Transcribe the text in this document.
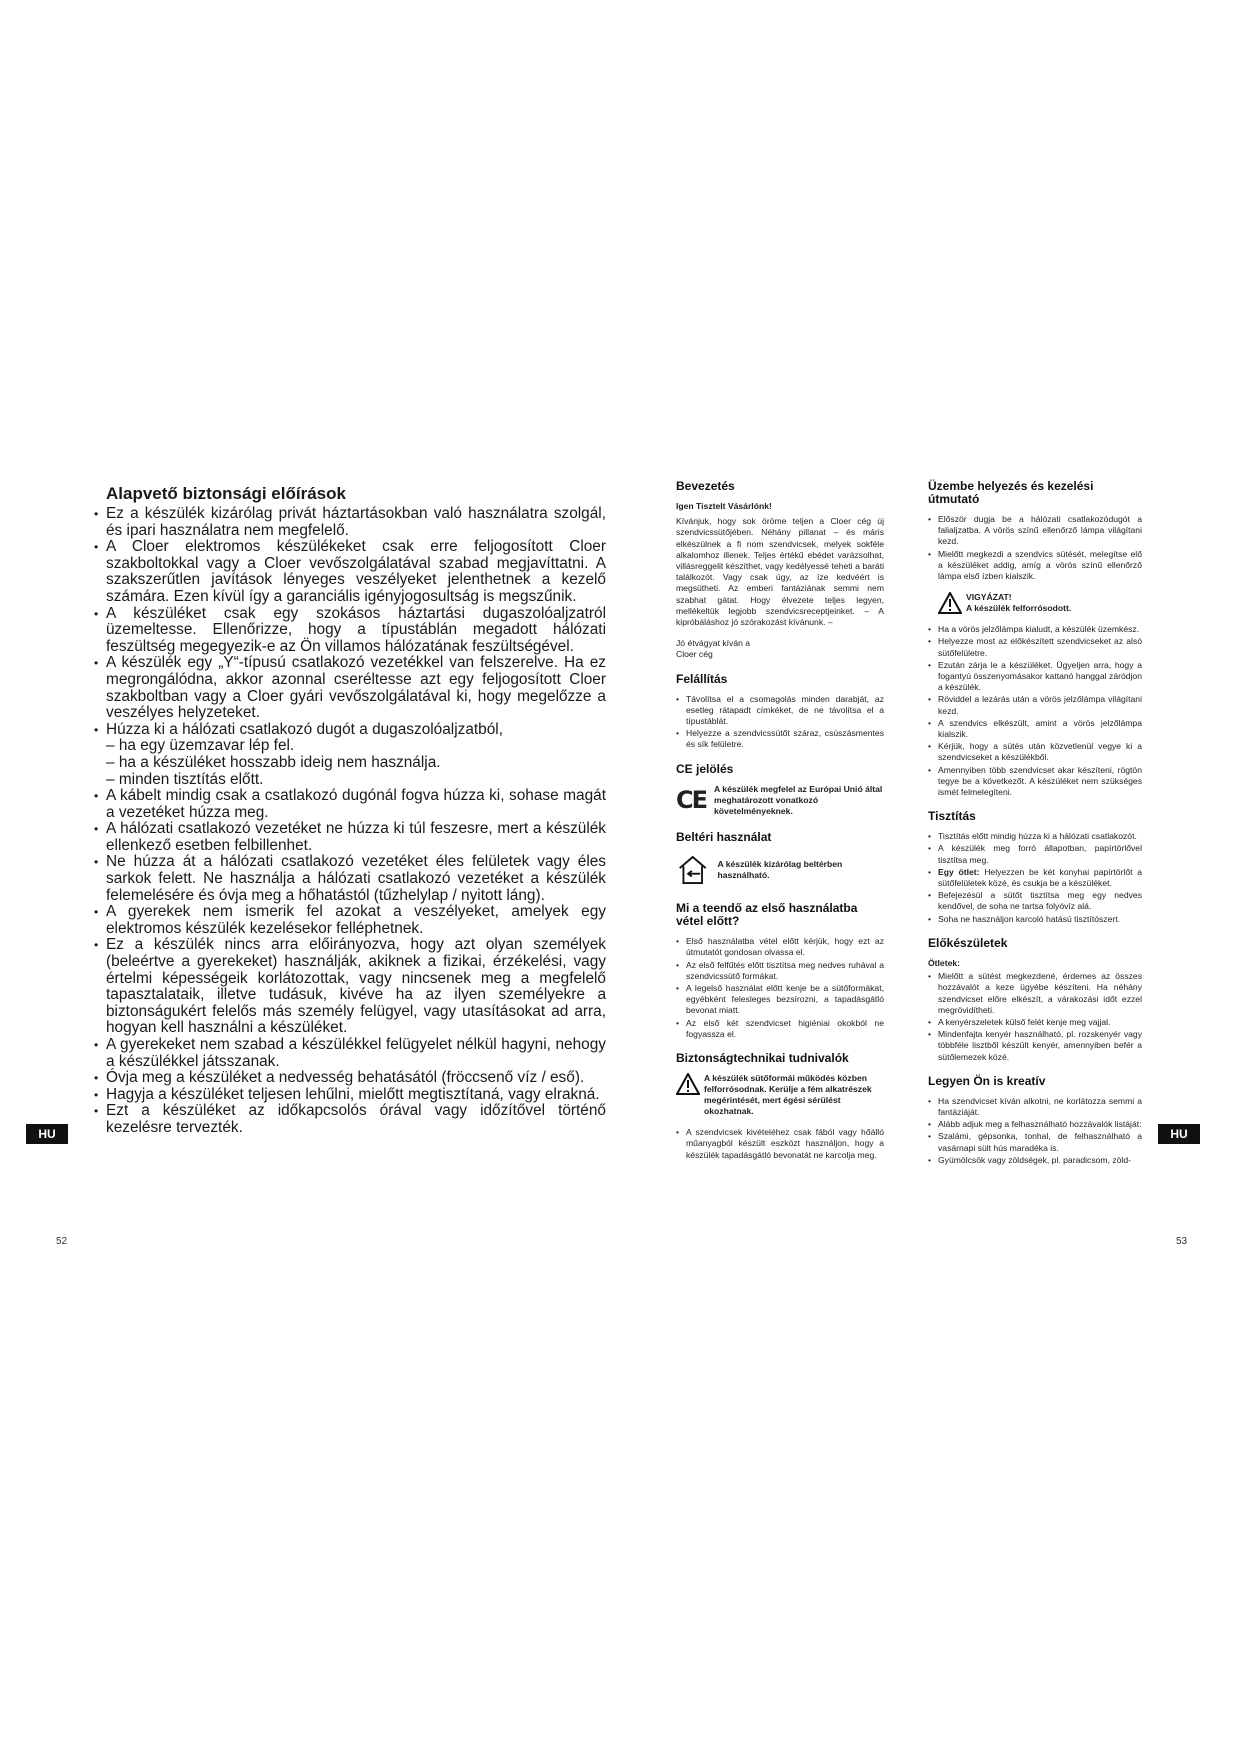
Alapvető biztonsági előírások
• Ez a készülék kizárólag privát háztartásokban való használatra szolgál, és ipari használatra nem megfelelő.
• A Cloer elektromos készülékeket csak erre feljogosított Cloer szakboltokkal vagy a Cloer vevőszolgálatával szabad megjavíttatni. A szakszerűtlen javítások lényeges veszélyeket jelenthetnek a kezelő számára. Ezen kívül így a garanciális igényjogosultság is megszűnik.
• A készüléket csak egy szokásos háztartási dugaszolóaljzatról üzemeltesse. Ellenőrizze, hogy a típustáblán megadott hálózati feszültség megegyezik-e az Ön villamos hálózatának feszültségével.
• A készülék egy „Y“-típusú csatlakozó vezetékkel van felszerelve. Ha ez megrongálódna, akkor azonnal cseréltesse azt egy feljogosított Cloer szakboltban vagy a Cloer gyári vevőszolgálatával ki, hogy megelőzze a veszélyes helyzeteket.
• Húzza ki a hálózati csatlakozó dugót a dugaszolóaljzatból,
– ha egy üzemzavar lép fel.
– ha a készüléket hosszabb ideig nem használja.
– minden tisztítás előtt.
• A kábelt mindig csak a csatlakozó dugónál fogva húzza ki, sohase magát a vezetéket húzza meg.
• A hálózati csatlakozó vezetéket ne húzza ki túl feszesre, mert a készülék ellenkező esetben felbillenhet.
• Ne húzza át a hálózati csatlakozó vezetéket éles felületek vagy éles sarkok felett. Ne használja a hálózati csatlakozó vezetéket a készülék felemelésére és óvja meg a hőhatástól (tűzhelylap / nyitott láng).
• A gyerekek nem ismerik fel azokat a veszélyeket, amelyek egy elektromos készülék kezelésekor felléphetnek.
• Ez a készülék nincs arra előirányozva, hogy azt olyan személyek (beleértve a gyerekeket) használják, akiknek a fizikai, érzékelési, vagy értelmi képességeik korlátozottak, vagy nincsenek meg a megfelelő tapasztalataik, illetve tudásuk, kivéve ha az ilyen személyekre a biztonságukért felelős más személy felügyel, vagy utasításokat ad arra, hogyan kell használni a készüléket.
• A gyerekeket nem szabad a készülékkel felügyelet nélkül hagyni, nehogy a készülékkel játsszanak.
• Óvja meg a készüléket a nedvesség behatásától (fröccsenő víz / eső).
• Hagyja a készüléket teljesen lehűlni, mielőtt megtisztítaná, vagy elrakná.
• Ezt a készüléket az időkapcsolós órával vagy időzítővel történő kezelésre tervezték.
HU
52
Bevezetés

Igen Tisztelt Vásárlónk!

Kívánjuk, hogy sok öröme teljen a Cloer cég új szendvicssütőjében. Néhány pillanat – és máris elkészülnek a fi nom szendvicsek, melyek sokféle alkalomhoz illenek. Teljes értékű ebédet varázsolhat, villásreggelit készíthet, vagy kedélyessé teheti a baráti találkozót. Vagy csak úgy, az íze kedvéért is megsütheti. Az emberi fantáziának semmi nem szabhat gátat. Hogy élvezete teljes legyen, mellékeltük legjobb szendvicsreceptjeinket. – A kipróbáláshoz jó szórakozást kívánunk. –

Jó étvágyat kíván a

Cloer cég

Felállítás
• Távolítsa el a csomagolás minden darabját, az esetleg rátapadt címkéket, de ne távolítsa el a típustáblát.
• Helyezze a szendvicssütőt száraz, csúszásmentes és sík felületre.
CE jelölés
CE A készülék megfelel az Európai Unió által meghatározott vonatkozó követelményeknek.
Beltéri használat
A készülék kizárólag beltérben használható.
Mi a teendő az első használatba vétel előtt?
• Első használatba vétel előtt kérjük, hogy ezt az útmutatót gondosan olvassa el.
• Az első felfűtés előtt tisztítsa meg nedves ruhával a szendvicssütő formákat.
• A legelső használat előtt kenje be a sütőformákat, egyébként felesleges bezsírozni, a tapadásgátló bevonat miatt.
• Az első két szendvicset higiéniai okokból ne fogyassza el.
Biztonságtechnikai tudnivalók
A készülék sütőformái működés közben felforrósodnak. Kerülje a fém alkatrészek megérintését, mert égési sérülést okozhatnak.
• A szendvicsek kivételéhez csak fából vagy hőálló műanyagból készült eszközt használjon, hogy a készülék tapadásgátló bevonatát ne karcolja meg.
Üzembe helyezés és kezelési útmutató
• Először dugja be a hálózati csatlakozódugót a falialjzatba. A vörös színű ellenőrző lámpa világítani kezd.
• Mielőtt megkezdi a szendvics sütését, melegítse elő a készüléket addig, amíg a vörös színű ellenőrző lámpa első ízben kialszik.
VIGYÁZAT!
A készülék felforrósodott.
• Ha a vörös jelzőlámpa kialudt, a készülék üzemkész.
• Helyezze most az előkészített szendvicseket az alsó sütőfelületre.
• Ezután zárja le a készüléket. Ügyeljen arra, hogy a fogantyú összenyomásakor kattanó hanggal záródjon a készülék.
• Röviddel a lezárás után a vörös jelzőlámpa világítani kezd.
• A szendvics elkészült, amint a vörös jelzőlámpa kialszik.
• Kérjük, hogy a sütés után közvetlenül vegye ki a szendvicseket a készülékből.
• Amennyiben több szendvicset akar készíteni, rögtön tegye be a következőt. A készüléket nem szükséges ismét felmelegíteni.
Tisztítás
• Tisztítás előtt mindig húzza ki a hálózati csatlakozót.
• A készülék meg forró állapotban, papírtörlővel tisztítsa meg.
• Egy ötlet: Helyezzen be két konyhai papírtörlőt a sütőfelületek közé, és csukja be a készüléket.
• Befejezésül a sütőt tisztítsa meg egy nedves kendővel, de soha ne tartsa folyóvíz alá.
• Soha ne használjon karcoló hatású tisztítószert.
Előkészületek

Ötletek:

• Mielőtt a sütést megkezdené, érdemes az összes hozzávalót a keze ügyébe készíteni. Ha néhány szendvicset előre elkészít, a várakozási időt ezzel megrövidítheti.
• A kenyérszeletek külső felét kenje meg vajjal.
• Mindenfajta kenyér használható, pl. rozskenyér vagy többféle lisztből készült kenyér, amennyiben befér a sütőlemezek közé.
Legyen Ön is kreatív
• Ha szendvicset kíván alkotni, ne korlátozza semmi a fantáziáját.
• Alább adjuk meg a felhasználható hozzávalók listáját:
• Szalámi, gépsonka, tonhal, de felhasználható a vasárnapi sült hús maradéka is.
• Gyümölcsök vagy zöldségek, pl. paradicsom, zöld-
HU
53
